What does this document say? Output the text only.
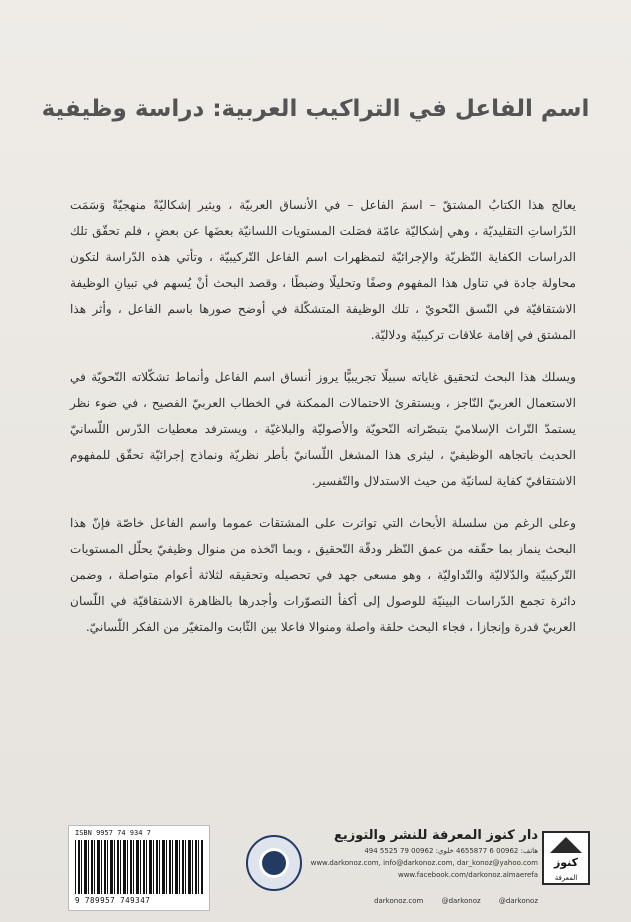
اسم الفاعل في التراكيب العربية: دراسة وظيفية

يعالج هذا الكتابُ المشتقّ – اسمَ الفاعل – في الأنساق العربيّة ، ويثير إشكاليّةً منهجيّةً وَسَمَت الدّراساتِ التقليديّة ، وهي إشكاليّة عامّة فصَلت المستويات اللسانيّة بعضَها عن بعضٍ ، فلم تحقّق تلك الدراسات الكفاية النّظريّة والإجرائيّة لتمظهرات اسم الفاعل التّركيبيّة ، وتأتي هذه الدّراسة لتكون محاولة جادة في تناول هذا المفهوم وصفًا وتحليلًا وضبطًا ، وقصد البحث أنْ يُسهم في تبيانِ الوظيفة الاشتقاقيّة في النّسق النّحويّ ، تلك الوظيفة المتشكّلة في أوضح صورها باسم الفاعل ، وأثر هذا المشتق في إقامة علاقات تركيبيّة ودلاليّة.

ويسلك هذا البحث لتحقيق غاياته سبيلًا تجريبيًّا يروز أنساق اسم الفاعل وأنماط تشكّلاته النّحويّة في الاستعمال العربيّ النّاجز ، ويستقرئ الاحتمالات الممكنة في الخطاب العربيّ الفصيح ، في ضوء نظر يستمدّ التّراث الإسلاميّ بتبصّراته النّحويّة والأصوليّة والبلاغيّة ، ويسترفد معطيات الدّرس اللّسانيّ الحديث باتجاهه الوظيفيّ ، ليثرى هذا المشغل اللّسانيّ بأطر نظريّة ونماذج إجرائيّة تحقّق للمفهوم الاشتقاقيّ كفاية لسانيّة من حيث الاستدلال والتّفسير.

وعلى الرغم من سلسلة الأبحاث التي تواترت على المشتقات عموما واسم الفاعل خاصّة فإنّ هذا البحث ينماز بما حقّقه من عمق النّظر ودقّة التّحقيق ، وبما اتّخذه من منوال وظيفيّ يحلّل المستويات التّركيبيّة والدّلاليّة والتّداوليّة ، وهو مسعى جهد في تحصيله وتحقيقه لثلاثة أعوام متواصلة ، وضمن دائرة تجمع الدّراسات البينيّة للوصول إلى أكفأ التصوّرات وأجدرها بالظاهرة الاشتقاقيّة في اللّسان العربيّ قدرة وإنجازا ، فجاء البحث حلقة واصلة ومنوالا فاعلا بين الثّابت والمتغيّر من الفكر اللّسانيّ.

ISBN 9957 74 934 7
9 789957 749347
دار كنوز المعرفة للنشر والتوزيع
هاتف: 00962 6 4655877 خلوي: 00962 79 5525 494
www.darkonoz.com, info@darkonoz.com, dar_konoz@yahoo.com
www.facebook.com/darkonoz.almaerefa
darkonoz.com	@darkonoz	@darkonoz
كنوز
المعرفة
